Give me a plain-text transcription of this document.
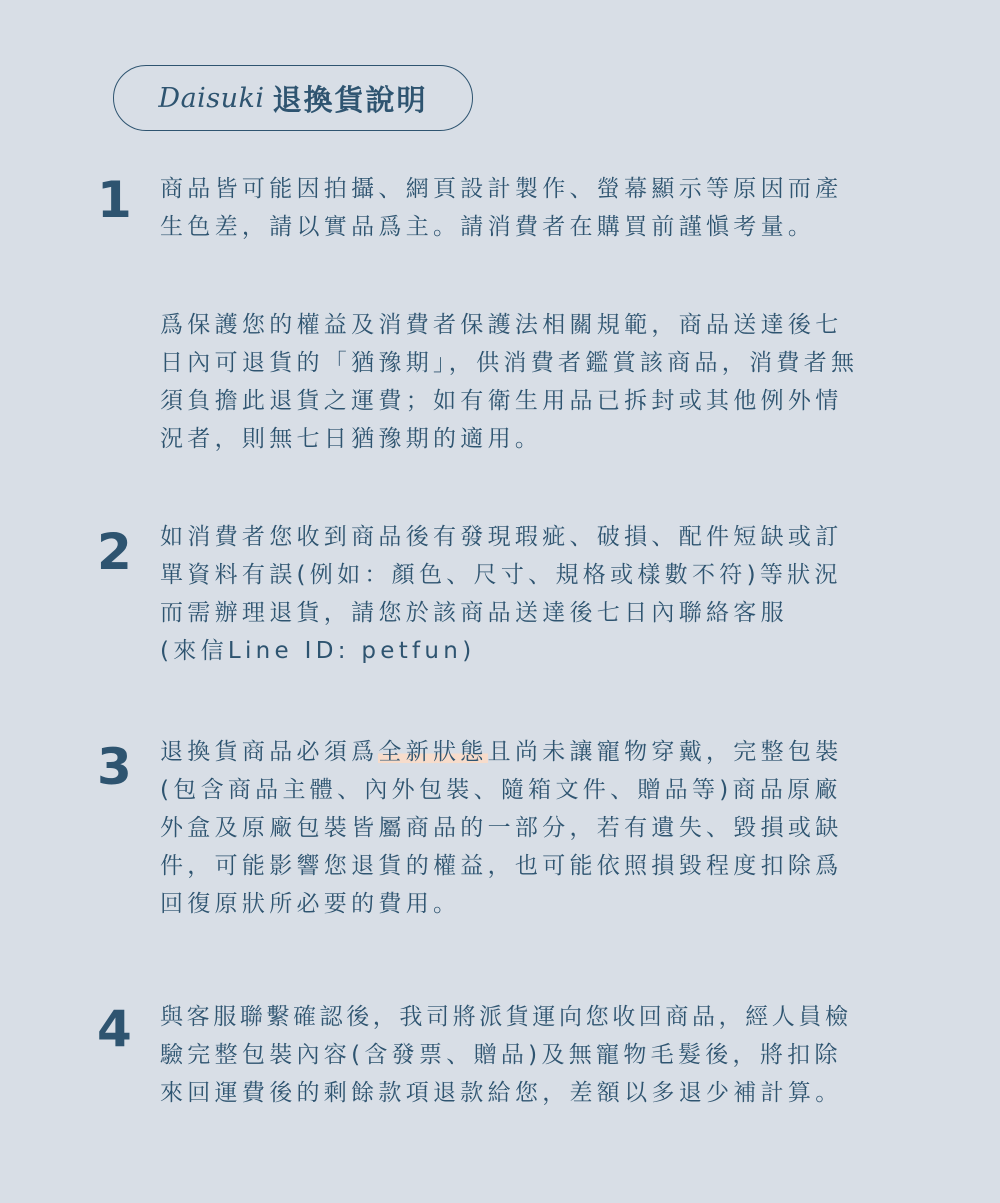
Daisuki 退換貨說明
1 商品皆可能因拍攝、網頁設計製作、螢幕顯示等原因而產
生色差，請以實品爲主。請消費者在購買前謹愼考量。
爲保護您的權益及消費者保護法相關規範，商品送達後七
日內可退貨的「猶豫期」，供消費者鑑賞該商品，消費者無
須負擔此退貨之運費；如有衛生用品已拆封或其他例外情
況者，則無七日猶豫期的適用。
2 如消費者您收到商品後有發現瑕疵、破損、配件短缺或訂
單資料有誤(例如：顏色、尺寸、規格或樣數不符)等狀況
而需辦理退貨，請您於該商品送達後七日內聯絡客服
(來信Line ID: petfun)
3 退換貨商品必須爲全新狀態且尚未讓寵物穿戴，完整包裝
(包含商品主體、內外包裝、隨箱文件、贈品等)商品原廠
外盒及原廠包裝皆屬商品的一部分，若有遺失、毀損或缺
件，可能影響您退貨的權益，也可能依照損毀程度扣除爲
回復原狀所必要的費用。
4 與客服聯繫確認後，我司將派貨運向您收回商品，經人員檢
驗完整包裝內容(含發票、贈品)及無寵物毛髮後，將扣除
來回運費後的剩餘款項退款給您，差額以多退少補計算。
